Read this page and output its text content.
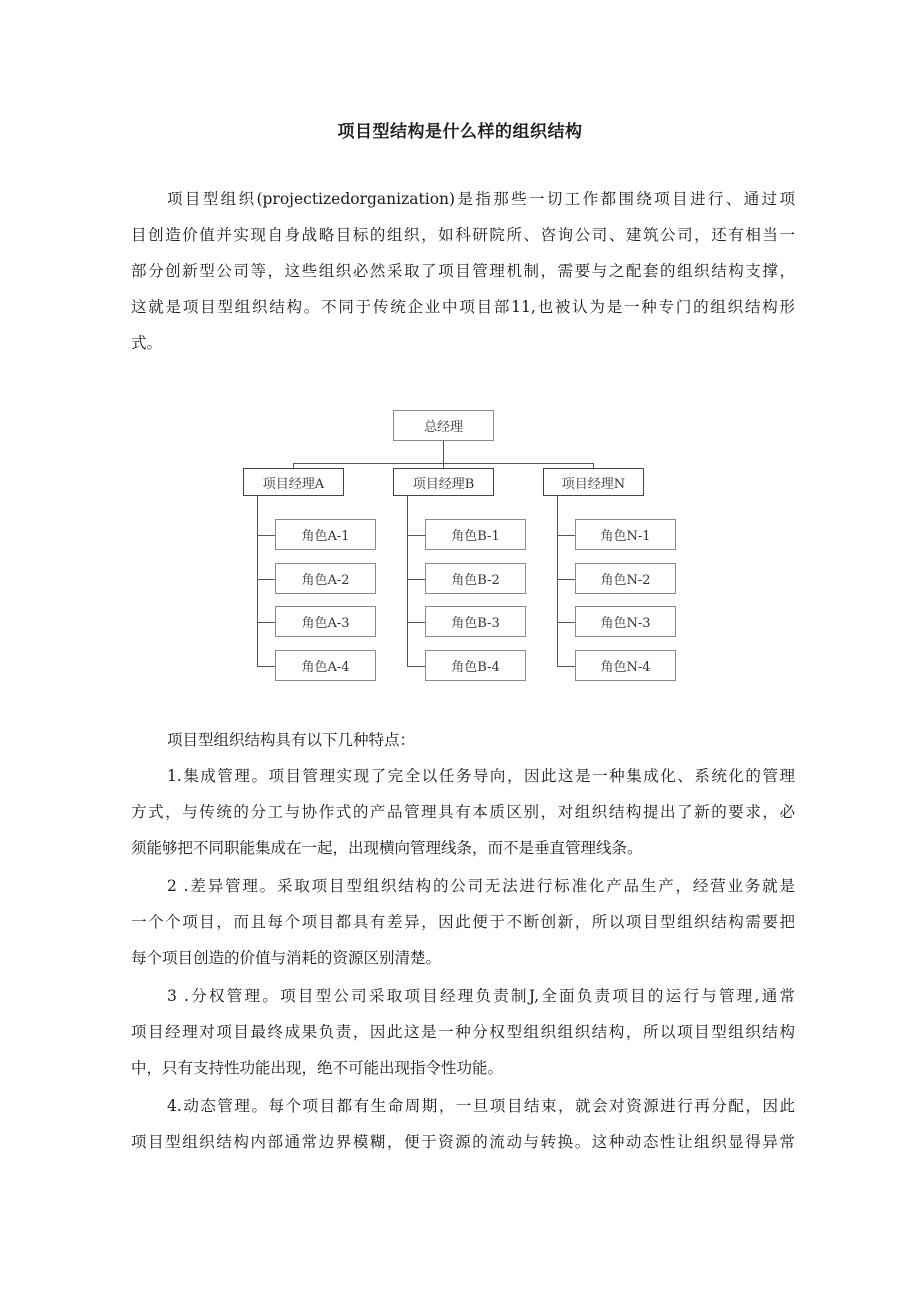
项目型结构是什么样的组织结构
项目型组织(projectizedorganization)是指那些一切工作都围绕项目进行、通过项
目创造价值并实现自身战略目标的组织，如科研院所、咨询公司、建筑公司，还有相当一
部分创新型公司等，这些组织必然采取了项目管理机制，需要与之配套的组织结构支撑，
这就是项目型组织结构。不同于传统企业中项目部11,也被认为是一种专门的组织结构形
式。
总经理
项目经理A	项目经理B	项目经理N
角色A-1
角色A-2
角色A-3
角色A-4
角色B-1
角色B-2
角色B-3
角色B-4
角色N-1
角色N-2
角色N-3
角色N-4
项目型组织结构具有以下几种特点：
1.集成管理。项目管理实现了完全以任务导向，因此这是一种集成化、系统化的管理
方式，与传统的分工与协作式的产品管理具有本质区别，对组织结构提出了新的要求，必
须能够把不同职能集成在一起，出现横向管理线条，而不是垂直管理线条。
2 .差异管理。采取项目型组织结构的公司无法进行标准化产品生产，经营业务就是
一个个项目，而且每个项目都具有差异，因此便于不断创新，所以项目型组织结构需要把
每个项目创造的价值与消耗的资源区别清楚。
3 .分权管理。项目型公司采取项目经理负责制J,全面负责项目的运行与管理,通常
项目经理对项目最终成果负责，因此这是一种分权型组织组织结构，所以项目型组织结构
中，只有支持性功能出现，绝不可能出现指令性功能。
4.动态管理。每个项目都有生命周期，一旦项目结束，就会对资源进行再分配，因此
项目型组织结构内部通常边界模糊，便于资源的流动与转换。这种动态性让组织显得异常
